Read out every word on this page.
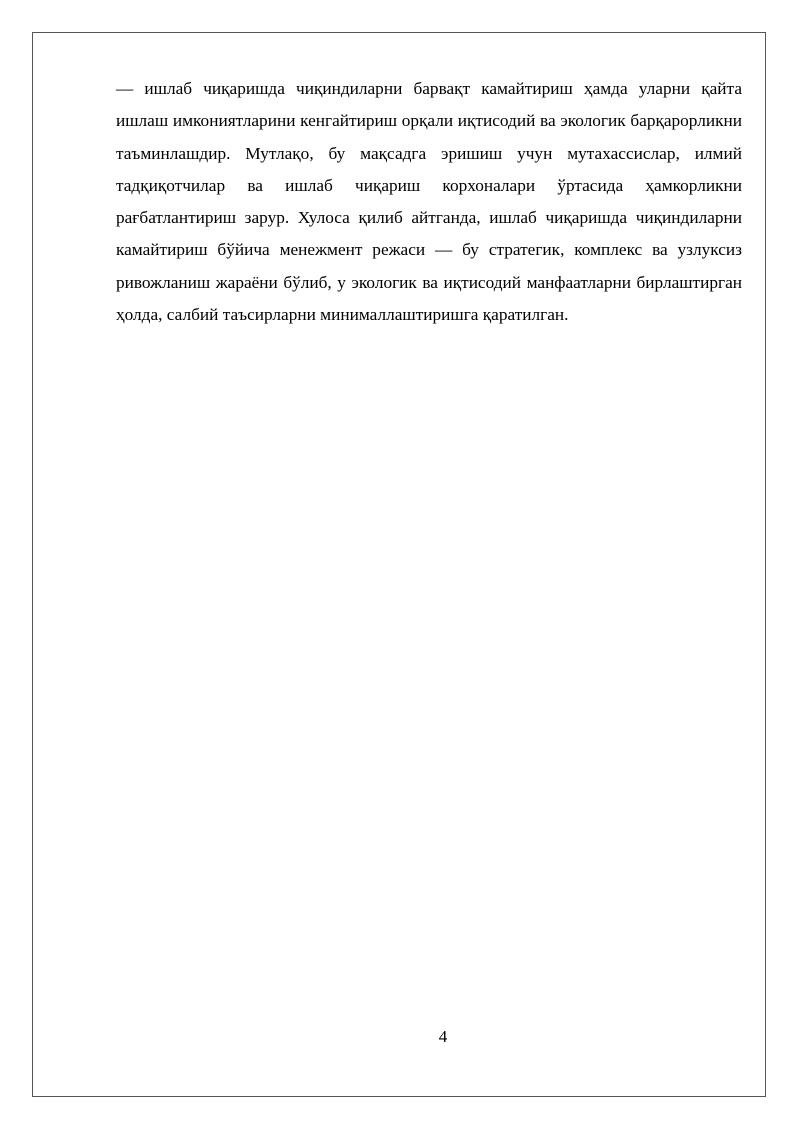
— ишлаб чиқаришда чиқиндиларни барвақт камайтириш ҳамда уларни қайта ишлаш имкониятларини кенгайтириш орқали иқтисодий ва экологик барқарорликни таъминлашдир. Мутлақо, бу мақсадга эришиш учун мутахассислар, илмий тадқиқотчилар ва ишлаб чиқариш корхоналари ўртасида ҳамкорликни рағбатлантириш зарур. Хулоса қилиб айтганда, ишлаб чиқаришда чиқиндиларни камайтириш бўйича менежмент режаси — бу стратегик, комплекс ва узлуксиз ривожланиш жараёни бўлиб, у экологик ва иқтисодий манфаатларни бирлаштирган ҳолда, салбий таъсирларни минималлаштиришга қаратилган.

4
